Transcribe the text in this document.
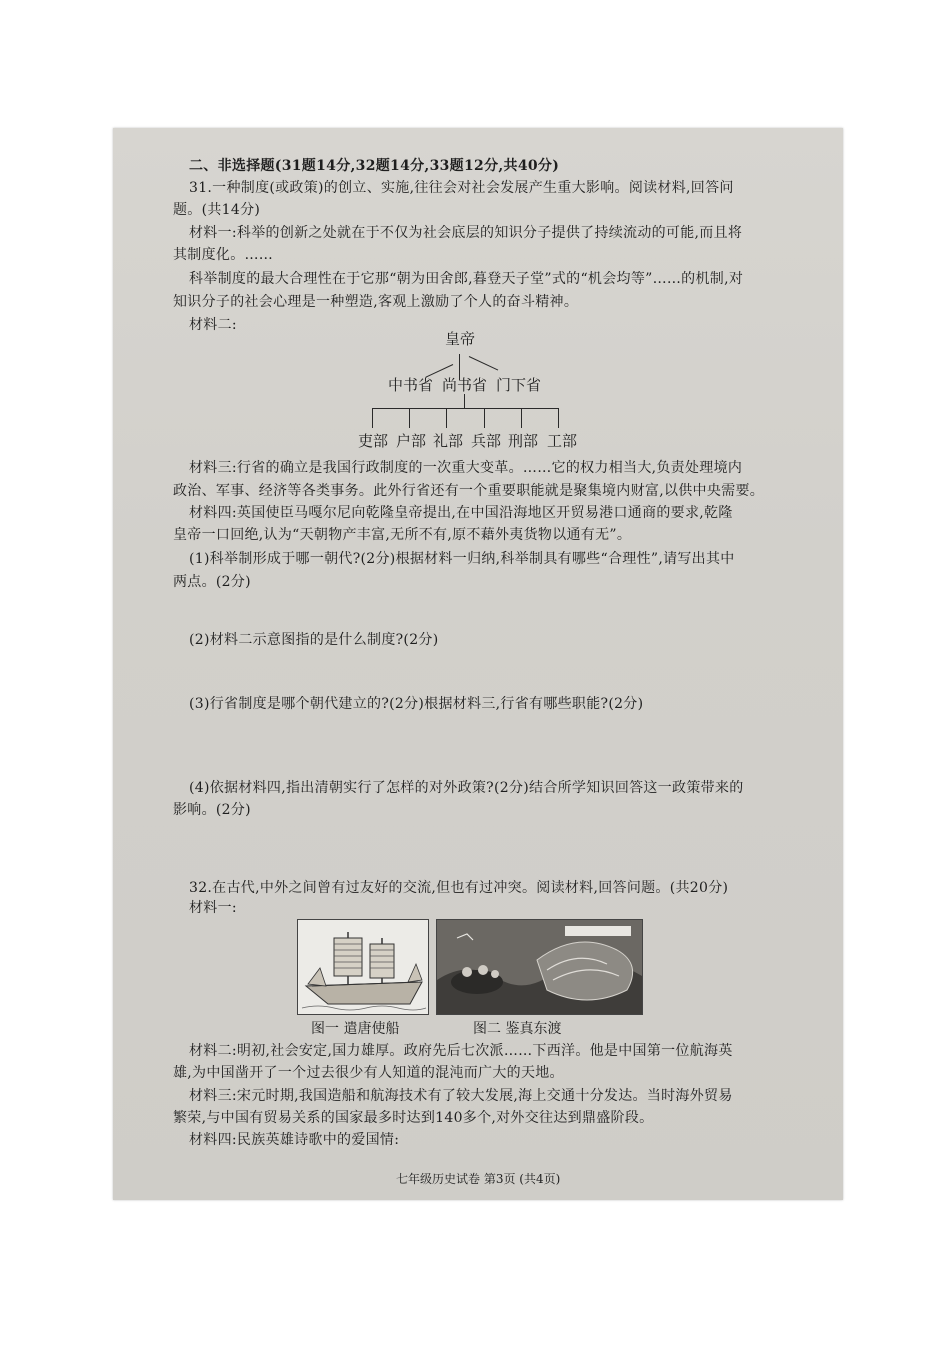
二、非选择题(31题14分,32题14分,33题12分,共40分)
31.一种制度(或政策)的创立、实施,往往会对社会发展产生重大影响。阅读材料,回答问
题。(共14分)
材料一:科举的创新之处就在于不仅为社会底层的知识分子提供了持续流动的可能,而且将
其制度化。……
科举制度的最大合理性在于它那“朝为田舍郎,暮登天子堂”式的“机会均等”……的机制,对
知识分子的社会心理是一种塑造,客观上激励了个人的奋斗精神。
材料二:
皇帝
中书省 尚书省 门下省
吏部 户部 礼部 兵部 刑部 工部
材料三:行省的确立是我国行政制度的一次重大变革。……它的权力相当大,负责处理境内
政治、军事、经济等各类事务。此外行省还有一个重要职能就是聚集境内财富,以供中央需要。
材料四:英国使臣马嘎尔尼向乾隆皇帝提出,在中国沿海地区开贸易港口通商的要求,乾隆
皇帝一口回绝,认为“天朝物产丰富,无所不有,原不藉外夷货物以通有无”。
(1)科举制形成于哪一朝代?(2分)根据材料一归纳,科举制具有哪些“合理性”,请写出其中
两点。(2分)
(2)材料二示意图指的是什么制度?(2分)
(3)行省制度是哪个朝代建立的?(2分)根据材料三,行省有哪些职能?(2分)
(4)依据材料四,指出清朝实行了怎样的对外政策?(2分)结合所学知识回答这一政策带来的
影响。(2分)
32.在古代,中外之间曾有过友好的交流,但也有过冲突。阅读材料,回答问题。(共20分)
材料一:
图一 遣唐使船	图二 鉴真东渡
材料二:明初,社会安定,国力雄厚。政府先后七次派……下西洋。他是中国第一位航海英
雄,为中国凿开了一个过去很少有人知道的混沌而广大的天地。
材料三:宋元时期,我国造船和航海技术有了较大发展,海上交通十分发达。当时海外贸易
繁荣,与中国有贸易关系的国家最多时达到140多个,对外交往达到鼎盛阶段。
材料四:民族英雄诗歌中的爱国情:
七年级历史试卷 第3页 (共4页)
